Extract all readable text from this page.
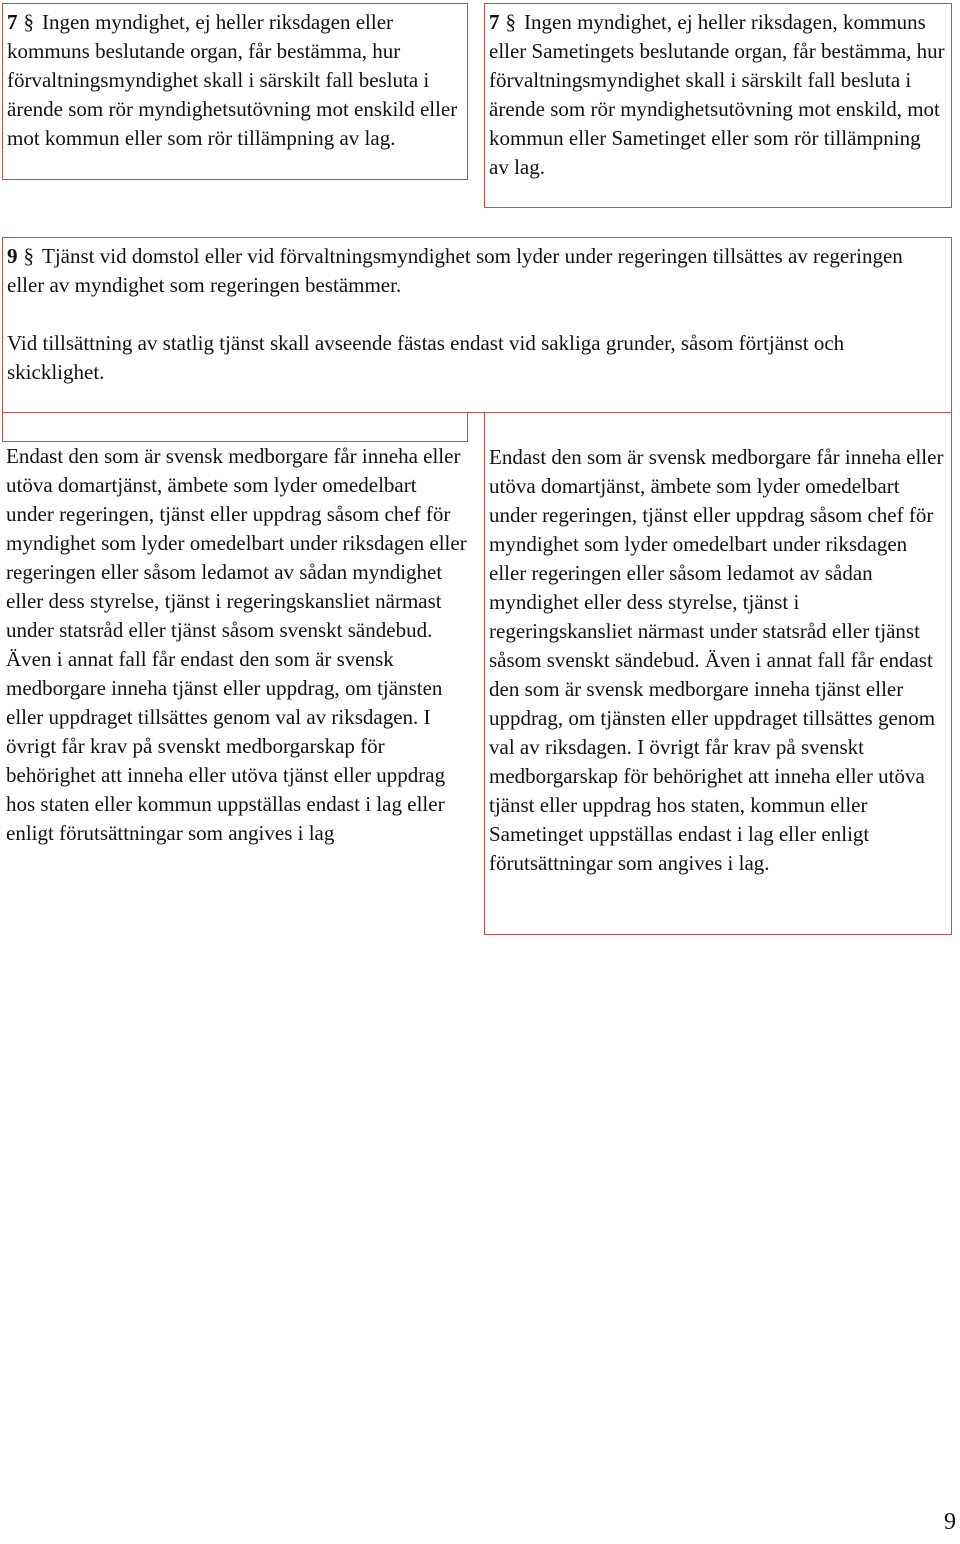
7 § Ingen myndighet, ej heller riksdagen eller kommuns beslutande organ, får bestämma, hur förvaltningsmyndighet skall i särskilt fall besluta i ärende som rör myndighetsutövning mot enskild eller mot kommun eller som rör tillämpning av lag.

7 § Ingen myndighet, ej heller riksdagen, kommuns eller Sametingets beslutande organ, får bestämma, hur förvaltningsmyndighet skall i särskilt fall besluta i ärende som rör myndighetsutövning mot enskild, mot kommun eller Sametinget eller som rör tillämpning av lag.

9 § Tjänst vid domstol eller vid förvaltningsmyndighet som lyder under regeringen tillsättes av regeringen eller av myndighet som regeringen bestämmer.

Vid tillsättning av statlig tjänst skall avseende fästas endast vid sakliga grunder, såsom förtjänst och skicklighet.

Endast den som är svensk medborgare får inneha eller utöva domartjänst, ämbete som lyder omedelbart under regeringen, tjänst eller uppdrag såsom chef för myndighet som lyder omedelbart under riksdagen eller regeringen eller såsom ledamot av sådan myndighet eller dess styrelse, tjänst i regeringskansliet närmast under statsråd eller tjänst såsom svenskt sändebud. Även i annat fall får endast den som är svensk medborgare inneha tjänst eller uppdrag, om tjänsten eller uppdraget tillsättes genom val av riksdagen. I övrigt får krav på svenskt medborgarskap för behörighet att inneha eller utöva tjänst eller uppdrag hos staten eller kommun uppställas endast i lag eller enligt förutsättningar som angives i lag

Endast den som är svensk medborgare får inneha eller utöva domartjänst, ämbete som lyder omedelbart under regeringen, tjänst eller uppdrag såsom chef för myndighet som lyder omedelbart under riksdagen eller regeringen eller såsom ledamot av sådan myndighet eller dess styrelse, tjänst i regeringskansliet närmast under statsråd eller tjänst såsom svenskt sändebud. Även i annat fall får endast den som är svensk medborgare inneha tjänst eller uppdrag, om tjänsten eller uppdraget tillsättes genom val av riksdagen. I övrigt får krav på svenskt medborgarskap för behörighet att inneha eller utöva tjänst eller uppdrag hos staten, kommun eller Sametinget uppställas endast i lag eller enligt förutsättningar som angives i lag.

9
